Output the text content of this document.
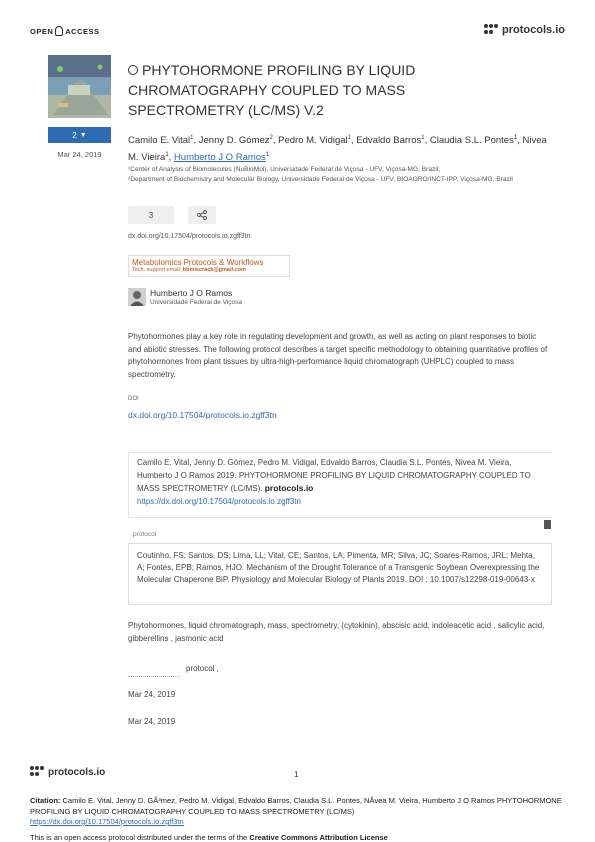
OPEN ACCESS	protocols.io
2 ▼
Mar 24, 2019
PHYTOHORMONE PROFILING BY LIQUID CHROMATOGRAPHY COUPLED TO MASS SPECTROMETRY (LC/MS) V.2
Camilo E. Vital$^1$, Jenny D. Gómez$^2$, Pedro M. Vidigal$^1$, Edvaldo Barros$^1$, Claudia S.L. Pontes$^1$, Nivea M. Vieira$^1$, Humberto J O Ramos$^1$
¹Center of Analysis of Biomolecules (NuBioMol), Universidade Federal de Viçosa - UFV, Viçosa-MG, Brazil;
²Department of Biochemistry and Molecular Biology, Universidade Federal de Viçosa - UFV, BIOAGRO/INCT-IPP, Viçosa-MG, Brazil
3
dx.doi.org/10.17504/protocols.io.zgff3tn
Metabolomics Protocols & Workflows
Tech. support email: bbmiscrack@gmail.com
Humberto J O Ramos
Universidade Federal de Viçosa
Phytohormones play a key role in regulating development and growth, as well as acting on plant responses to biotic and abiotic stresses. The following protocol describes a target specific methodology to obtaining quantitative profiles of phytohormones from plant tissues by ultra-high-performance liquid chromatograph (UHPLC) coupled to mass spectrometry.
DOI
dx.doi.org/10.17504/protocols.io.zgff3tn
Camilo E. Vital, Jenny D. Gómez, Pedro M. Vidigal, Edvaldo Barros, Claudia S.L. Pontes, Nivea M. Vieira, Humberto J O Ramos 2019. PHYTOHORMONE PROFILING BY LIQUID CHROMATOGRAPHY COUPLED TO MASS SPECTROMETRY (LC/MS). protocols.io
https://dx.doi.org/10.17504/protocols.io.zgff3tn
protocol
Coutinho, FS; Santos, DS; Lima, LL; Vital, CE; Santos, LA; Pimenta, MR; Silva, JC; Soares-Ramos, JRL; Mehta, A; Fontes, EPB; Ramos, HJO. Mechanism of the Drought Tolerance of a Transgenic Soybean Overexpressing the Molecular Chaperone BiP. Physiology and Molecular Biology of Plants 2019. DOI : 10.1007/s12298-019-00643-x
Phytohormones, liquid chromatograph, mass, spectrometry, (cytokinin), abscisic acid, indoleacetic acid , salicylic acid, gibberellins , jasmonic acid
protocol ,
Mar 24, 2019
Mar 24, 2019
protocols.io	1
Citation: Camilo E. Vital, Jenny D. GÃ³mez, Pedro M. Vidigal, Edvaldo Barros, Claudia S.L. Pontes, NÃvea M. Vieira, Humberto J O Ramos PHYTOHORMONE PROFILING BY LIQUID CHROMATOGRAPHY COUPLED TO MASS SPECTROMETRY (LC/MS)
https://dx.doi.org/10.17504/protocols.io.zgff3tn
This is an open access protocol distributed under the terms of the Creative Commons Attribution License
